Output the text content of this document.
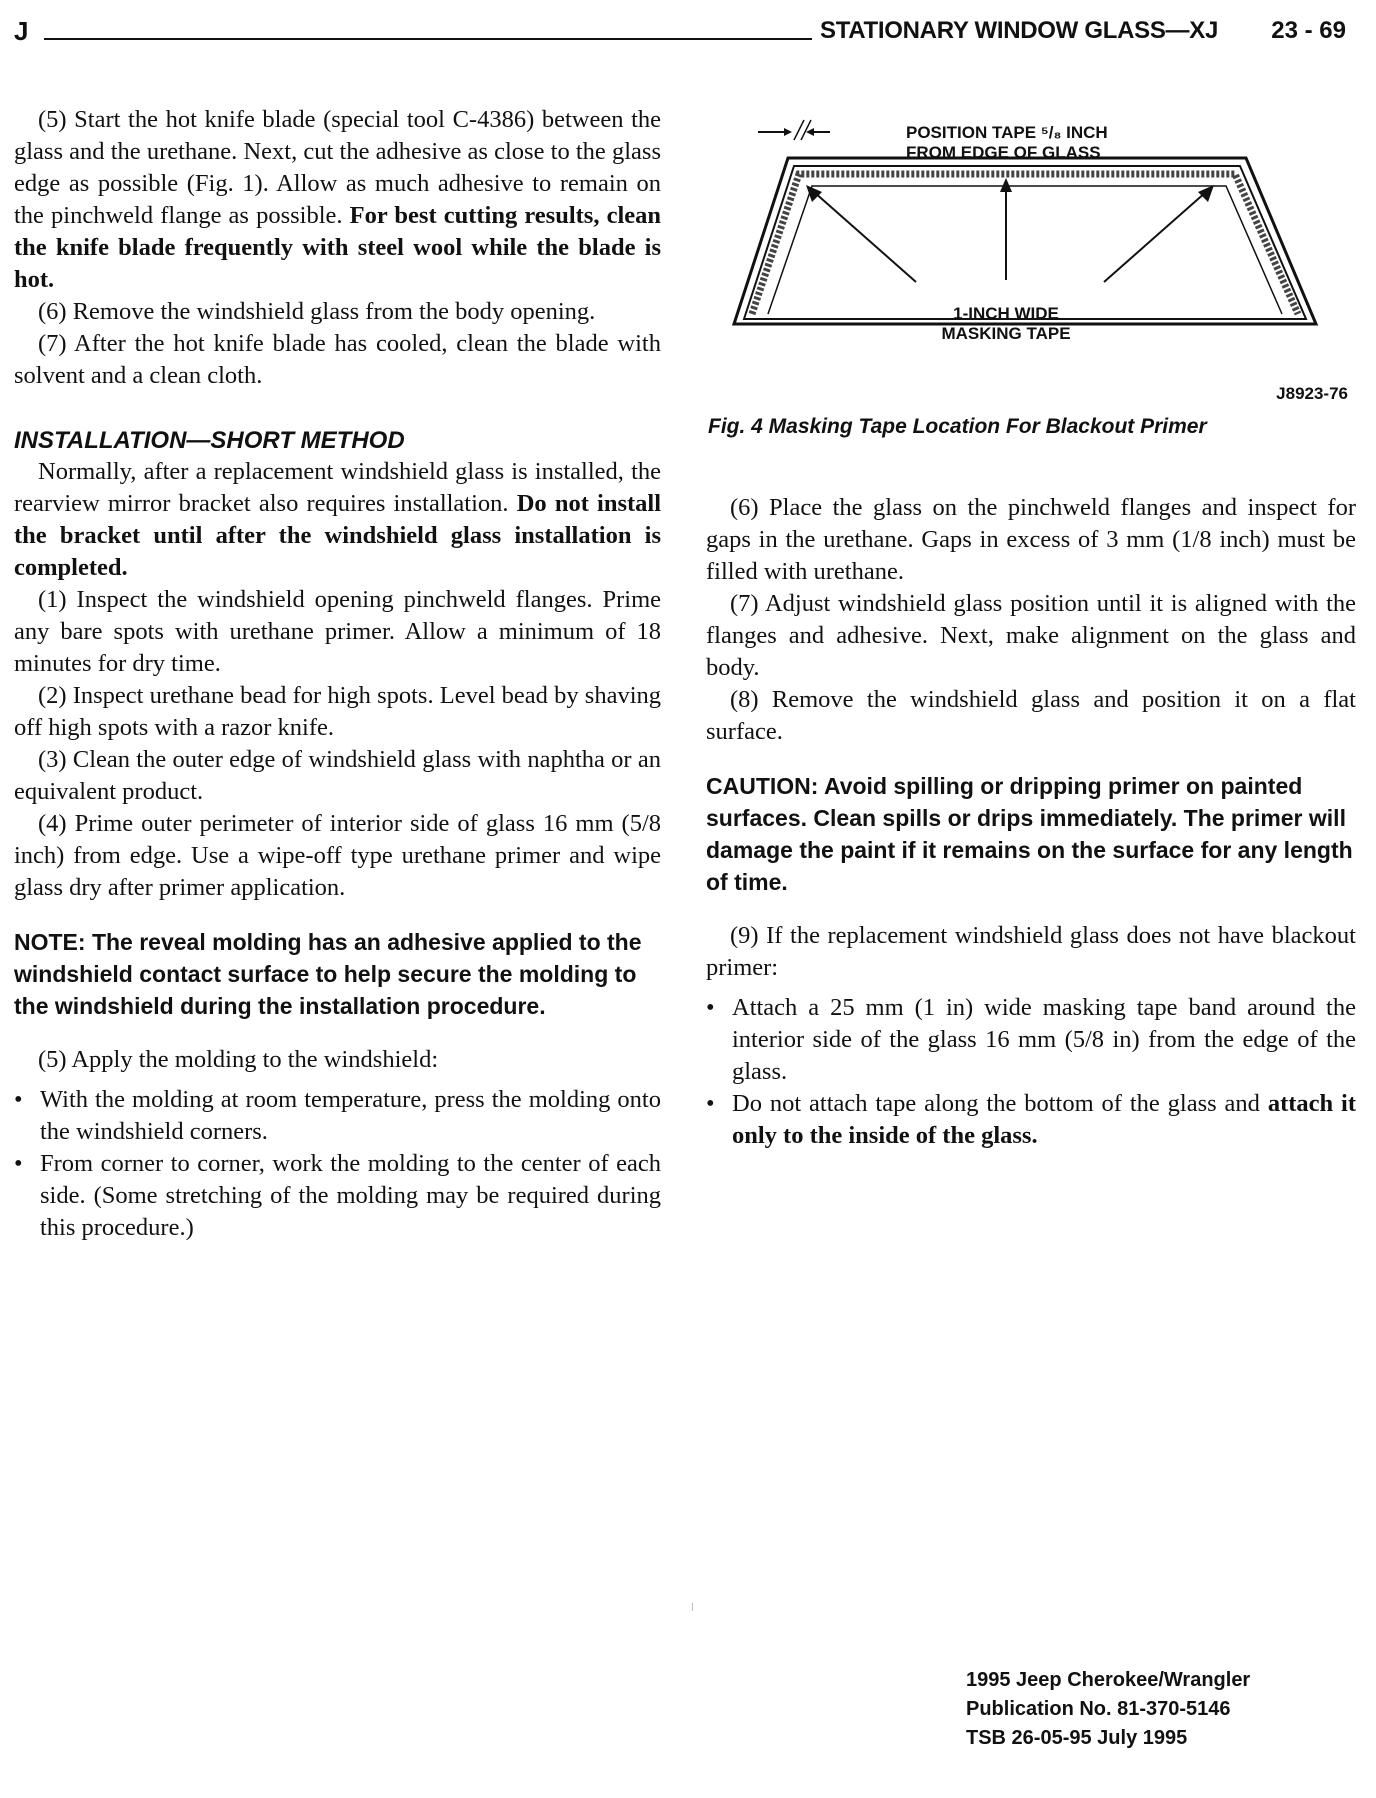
J	STATIONARY WINDOW GLASS—XJ 23 - 69

(5) Start the hot knife blade (special tool C-4386) between the glass and the urethane. Next, cut the adhesive as close to the glass edge as possible (Fig. 1). Allow as much adhesive to remain on the pinchweld flange as possible. For best cutting results, clean the knife blade frequently with steel wool while the blade is hot.

(6) Remove the windshield glass from the body opening.

(7) After the hot knife blade has cooled, clean the blade with solvent and a clean cloth.

INSTALLATION—SHORT METHOD

Normally, after a replacement windshield glass is installed, the rearview mirror bracket also requires installation. Do not install the bracket until after the windshield glass installation is completed.

(1) Inspect the windshield opening pinchweld flanges. Prime any bare spots with urethane primer. Allow a minimum of 18 minutes for dry time.

(2) Inspect urethane bead for high spots. Level bead by shaving off high spots with a razor knife.

(3) Clean the outer edge of windshield glass with naphtha or an equivalent product.

(4) Prime outer perimeter of interior side of glass 16 mm (5/8 inch) from edge. Use a wipe-off type urethane primer and wipe glass dry after primer application.

NOTE: The reveal molding has an adhesive applied to the windshield contact surface to help secure the molding to the windshield during the installation procedure.

(5) Apply the molding to the windshield:

• With the molding at room temperature, press the molding onto the windshield corners.
• From corner to corner, work the molding to the center of each side. (Some stretching of the molding may be required during this procedure.)
POSITION TAPE ⁵/₈ INCH
FROM EDGE OF GLASS
1-INCH WIDE
MASKING TAPE
J8923-76
Fig. 4 Masking Tape Location For Blackout Primer

(6) Place the glass on the pinchweld flanges and inspect for gaps in the urethane. Gaps in excess of 3 mm (1/8 inch) must be filled with urethane.

(7) Adjust windshield glass position until it is aligned with the flanges and adhesive. Next, make alignment on the glass and body.

(8) Remove the windshield glass and position it on a flat surface.

CAUTION: Avoid spilling or dripping primer on painted surfaces. Clean spills or drips immediately. The primer will damage the paint if it remains on the surface for any length of time.

(9) If the replacement windshield glass does not have blackout primer:

• Attach a 25 mm (1 in) wide masking tape band around the interior side of the glass 16 mm (5/8 in) from the edge of the glass.
• Do not attach tape along the bottom of the glass and attach it only to the inside of the glass.
1995 Jeep Cherokee/Wrangler
Publication No. 81-370-5146
TSB 26-05-95 July 1995
